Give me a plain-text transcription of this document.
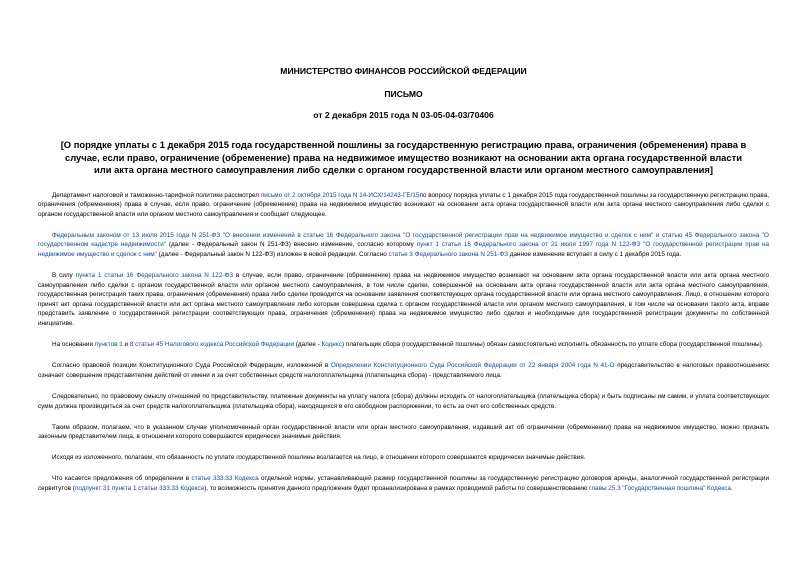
МИНИСТЕРСТВО ФИНАНСОВ РОССИЙСКОЙ ФЕДЕРАЦИИ
ПИСЬМО
от 2 декабря 2015 года N 03-05-04-03/70406
[О порядке уплаты с 1 декабря 2015 года государственной пошлины за государственную регистрацию права, ограничения (обременения) права в случае, если право, ограничение (обременение) права на недвижимое имущество возникают на основании акта органа государственной власти или акта органа местного самоуправления либо сделки с органом государственной власти или органом местного самоуправления]

Департамент налоговой и таможенно-тарифной политики рассмотрел письмо от 2 октября 2015 года N 14-ИСХ/14243-ГЕ/15по вопросу порядка уплаты с 1 декабря 2015 года государственной пошлины за государственную регистрацию права, ограничения (обременения) права в случае, если право, ограничение (обременение) права на недвижимое имущество возникают на основании акта органа государственной власти или акта органа местного самоуправления либо сделки с органом государственной власти или органом местного самоуправления и сообщает следующее.

Федеральным законом от 13 июля 2015 года N 251-ФЗ "О внесении изменений в статью 16 Федерального закона "О государственной регистрации прав на недвижимое имущество и сделок с ним" и статью 45 Федерального закона "О государственном кадастре недвижимости" (далее - Федеральный закон N 251-ФЗ) внесено изменение, согласно которому пункт 1 статьи 16 Федерального закона от 21 июля 1997 года N 122-ФЗ "О государственной регистрации прав на недвижимое имущество и сделок с ним" (далее - Федеральный закон N 122-ФЗ) изложен в новой редакции. Согласно статье 3 Федерального закона N 251-ФЗ данное изменение вступает в силу с 1 декабря 2015 года.

В силу пункта 1 статьи 16 Федерального закона N 122-ФЗ в случае, если право, ограничение (обременение) права на недвижимое имущество возникают на основании акта органа государственной власти или акта органа местного самоуправления либо сделки с органом государственной власти или органом местного самоуправления, в том числе сделки, совершенной на основании акта органа государственной власти или акта органа местного самоуправления, государственная регистрация таких права, ограничения (обременения) права либо сделки проводится на основании заявления соответствующих органа государственной власти или органа местного самоуправления. Лицо, в отношении которого принят акт органа государственной власти или акт органа местного самоуправления либо которым совершена сделка с органом государственной власти или органом местного самоуправления, в том числе на основании такого акта, вправе представить заявление о государственной регистрации соответствующих права, ограничения (обременения) права на недвижимое имущество либо сделки и необходимые для государственной регистрации документы по собственной инициативе.

На основании пунктов 1 и 8 статьи 45 Налогового кодекса Российской Федерации (далее - Кодекс) плательщик сбора (государственной пошлины) обязан самостоятельно исполнить обязанность по уплате сбора (государственной пошлины).

Согласно правовой позиции Конституционного Суда Российской Федерации, изложенной в Определении Конституционного Суда Российской Федерации от 22 января 2004 года N 41-О представительство в налоговых правоотношениях означает совершение представителем действий от имени и за счет собственных средств налогоплательщика (плательщика сбора) - представляемого лица.

Следовательно, по правовому смыслу отношений по представительству, платежные документы на уплату налога (сбора) должны исходить от налогоплательщика (плательщика сбора) и быть подписаны им самим, и уплата соответствующих сумм должна производиться за счет средств налогоплательщика (плательщика сбора), находящихся в его свободном распоряжении, то есть за счет его собственных средств.

Таким образом, полагаем, что в указанном случае уполномоченный орган государственной власти или орган местного самоуправления, издавший акт об ограничении (обременении) права на недвижимое имущество, можно признать законным представителем лица, в отношении которого совершаются юридически значимые действия.

Исходя из изложенного, полагаем, что обязанность по уплате государственной пошлины возлагается на лицо, в отношении которого совершаются юридически значимые действия.

Что касается предложения об определении в статье 333.33 Кодекса отдельной нормы, устанавливающей размер государственной пошлины за государственную регистрацию договоров аренды, аналогичной государственной регистрации сервитутов (подпункт 31 пункта 1 статьи 333.33 Кодекса), то возможность принятия данного предложения будет проанализирована в рамках проводимой работы по совершенствованию главы 25.3 "Государственная пошлина" Кодекса.
